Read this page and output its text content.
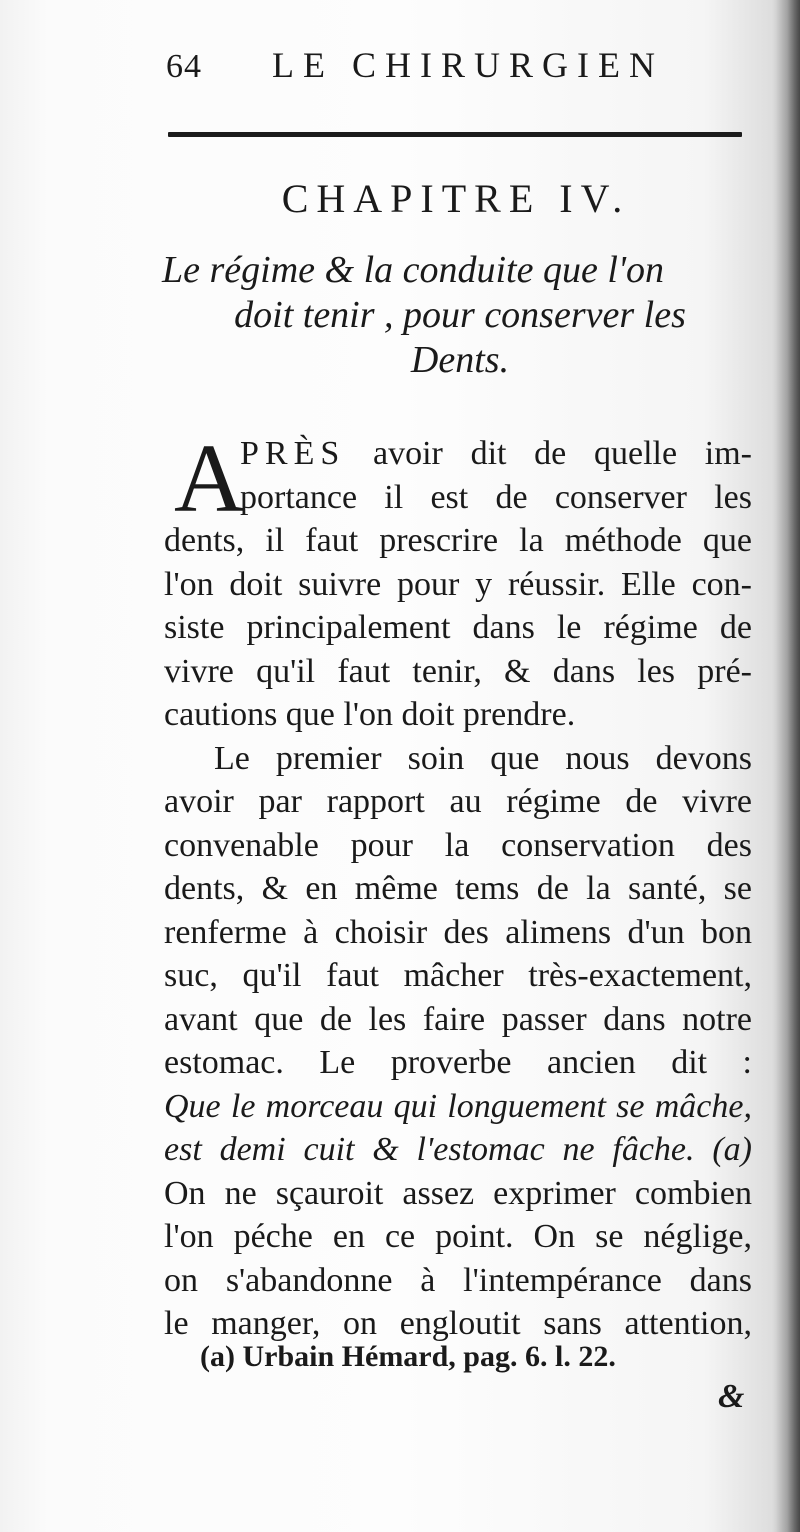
64 LE CHIRURGIEN
CHAPITRE IV.
Le régime & la conduite que l'on
doit tenir , pour conserver les
Dents.
A
PRÈS avoir dit de quelle im-
portance il est de conserver les
dents, il faut prescrire la méthode que
l'on doit suivre pour y réussir. Elle con-
siste principalement dans le régime de
vivre qu'il faut tenir, & dans les pré-
cautions que l'on doit prendre.
Le premier soin que nous devons
avoir par rapport au régime de vivre
convenable pour la conservation des
dents, & en même tems de la santé, se
renferme à choisir des alimens d'un bon
suc, qu'il faut mâcher très-exactement,
avant que de les faire passer dans notre
estomac. Le proverbe ancien dit :
Que le morceau qui longuement se mâche,
est demi cuit & l'estomac ne fâche. (a)
On ne sçauroit assez exprimer combien
l'on péche en ce point. On se néglige,
on s'abandonne à l'intempérance dans
le manger, on engloutit sans attention,
(a) Urbain Hémard, pag. 6. l. 22.
&
